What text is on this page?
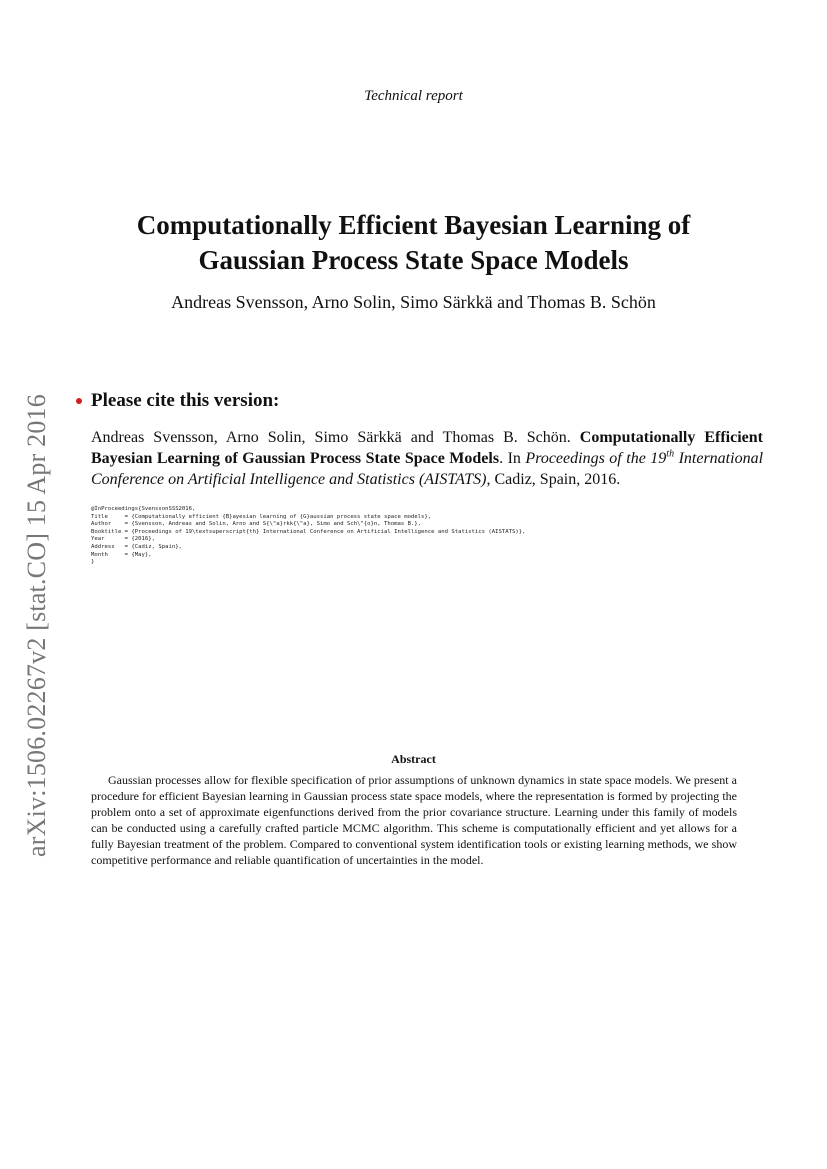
Technical report
Computationally Efficient Bayesian Learning of
Gaussian Process State Space Models
Andreas Svensson, Arno Solin, Simo Särkkä and Thomas B. Schön
arXiv:1506.02267v2 [stat.CO] 15 Apr 2016 Please cite this version:
Andreas Svensson, Arno Solin, Simo Särkkä and Thomas B. Schön. Computationally Efficient Bayesian Learning of Gaussian Process State Space Models. In Proceedings of the 19th International Conference on Artificial Intelligence and Statistics (AISTATS), Cadiz, Spain, 2016.
@InProceedings{SvenssonSSS2016,
Title     = {Computationally efficient {B}ayesian learning of {G}aussian process state space models},
Author    = {Svensson, Andreas and Solin, Arno and S{\"a}rkk{\"a}, Simo and Sch\"{o}n, Thomas B.},
Booktitle = {Proceedings of 19\textsuperscript{th} International Conference on Artificial Intelligence and Statistics (AISTATS)},
Year      = {2016},
Address   = {Cadiz, Spain},
Month     = {May},
}
Abstract
Gaussian processes allow for flexible specification of prior assumptions of unknown dynamics in state space models. We present a procedure for efficient Bayesian learning in Gaussian process state space models, where the representation is formed by projecting the problem onto a set of approximate eigenfunctions derived from the prior covariance structure. Learning under this family of models can be conducted using a carefully crafted particle MCMC algorithm. This scheme is computationally efficient and yet allows for a fully Bayesian treatment of the problem. Compared to conventional system identification tools or existing learning methods, we show competitive performance and reliable quantification of uncertainties in the model.
